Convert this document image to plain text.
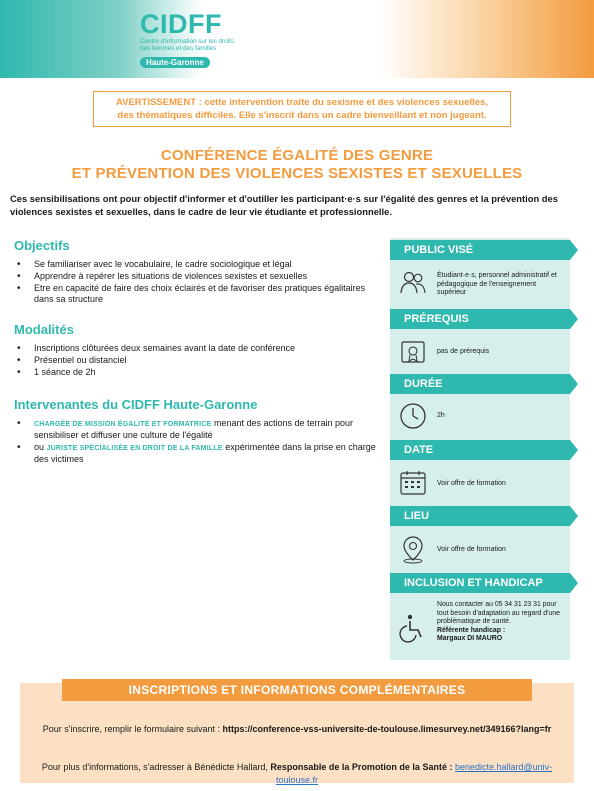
CI DFF
Centre d'information sur les droits des femmes et des familles
Haute-Garonne
AVERTISSEMENT : cette intervention traite du sexisme et des violences sexuelles,
des thématiques difficiles. Elle s'inscrit dans un cadre bienveillant et non jugeant.
CONFÉRENCE ÉGALITÉ DES GENRE
ET PRÉVENTION DES VIOLENCES SEXISTES ET SEXUELLES
Ces sensibilisations ont pour objectif d'informer et d'outiller les participant·e·s sur l'égalité des genres et la prévention des violences sexistes et sexuelles, dans le cadre de leur vie étudiante et professionnelle.
Objectifs
• Se familiariser avec le vocabulaire, le cadre sociologique et légal
• Apprendre à repérer les situations de violences sexistes et sexuelles
• Etre en capacité de faire des choix éclairés et de favoriser des pratiques égalitaires dans sa structure
Modalités
• Inscriptions clôturées deux semaines avant la date de conférence
• Présentiel ou distanciel
• 1 séance de 2h
Intervenantes du CIDFF Haute-Garonne
• CHARGÉE DE MISSION ÉGALITÉ ET FORMATRICE menant des actions de terrain pour sensibiliser et diffuser une culture de l'égalité
• ou JURISTE SPÉCIALISÉE EN DROIT DE LA FAMILLE expérimentée dans la prise en charge des victimes
PUBLIC VISÉ
Étudiant·e·s, personnel administratif et pédagogique de l'enseignement supérieur
PRÉREQUIS
pas de prérequis
DURÉE
2h
DATE
Voir offre de formation
LIEU
Voir offre de formation
INCLUSION ET HANDICAP
Nous contacter au 05 34 31 23 31 pour tout besoin d'adaptation au regard d'une problématique de santé.
Référente handicap :
Margaux DI MAURO
INSCRIPTIONS ET INFORMATIONS COMPLÉMENTAIRES
Pour s'inscrire, remplir le formulaire suivant : https://conference-vss-universite-de-toulouse.limesurvey.net/349166?lang=fr
Pour plus d'informations, s'adresser à Bénédicte Hallard, Responsable de la Promotion de la Santé : benedicte.hallard@univ-toulouse.fr
